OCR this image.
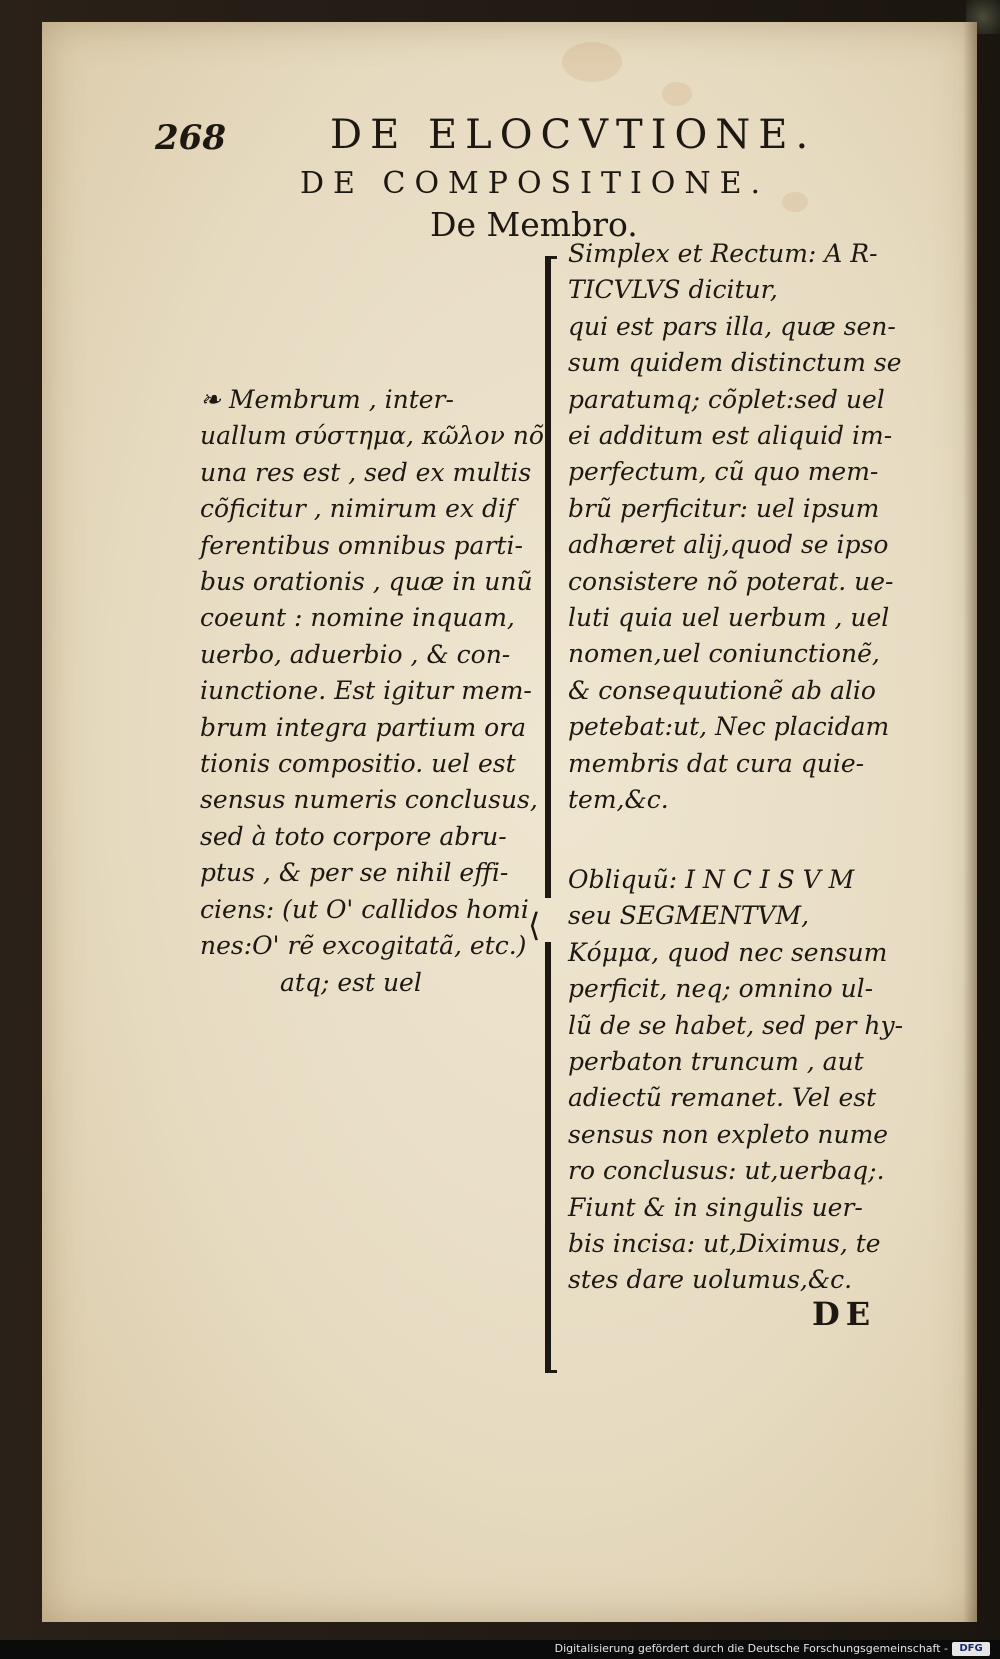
268	DE ELOCVTIONE.
DE COMPOSITIONE.
De Membro.
❧ Membrum , inter-
uallum σύστημα, κῶλον nõ
una res est , sed ex multis
cõficitur , nimirum ex dif
ferentibus omnibus parti-
bus orationis , quæ in unũ
coeunt : nomine inquam,
uerbo, aduerbio , & con-
iunctione. Est igitur mem-
brum integra partium ora
tionis compositio. uel est
sensus numeris conclusus,
sed à toto corpore abru-
ptus , & per se nihil effi-
ciens: (ut O' callidos homi
nes:O' rẽ excogitatã, etc.)
atq; est uel
⟨
Simplex et Rectum: A R-
TICVLVS dicitur,
qui est pars illa, quæ sen-
sum quidem distinctum se
paratumq; cõplet:sed uel
ei additum est aliquid im-
perfectum, cũ quo mem-
brũ perficitur: uel ipsum
adhæret alij,quod se ipso
consistere nõ poterat. ue-
luti quia uel uerbum , uel
nomen,uel coniunctionẽ,
& consequutionẽ ab alio
petebat:ut, Nec placidam
membris dat cura quie-
tem,&c.
Obliquũ: I N C I S V M
seu SEGMENTVM,
Κόμμα, quod nec sensum
perficit, neq; omnino ul-
lũ de se habet, sed per hy-
perbaton truncum , aut
adiectũ remanet. Vel est
sensus non expleto nume
ro conclusus: ut,uerbaq;.
Fiunt & in singulis uer-
bis incisa: ut,Diximus, te
stes dare uolumus,&c.
DE
Digitalisierung gefördert durch die Deutsche Forschungsgemeinschaft -	DFG
